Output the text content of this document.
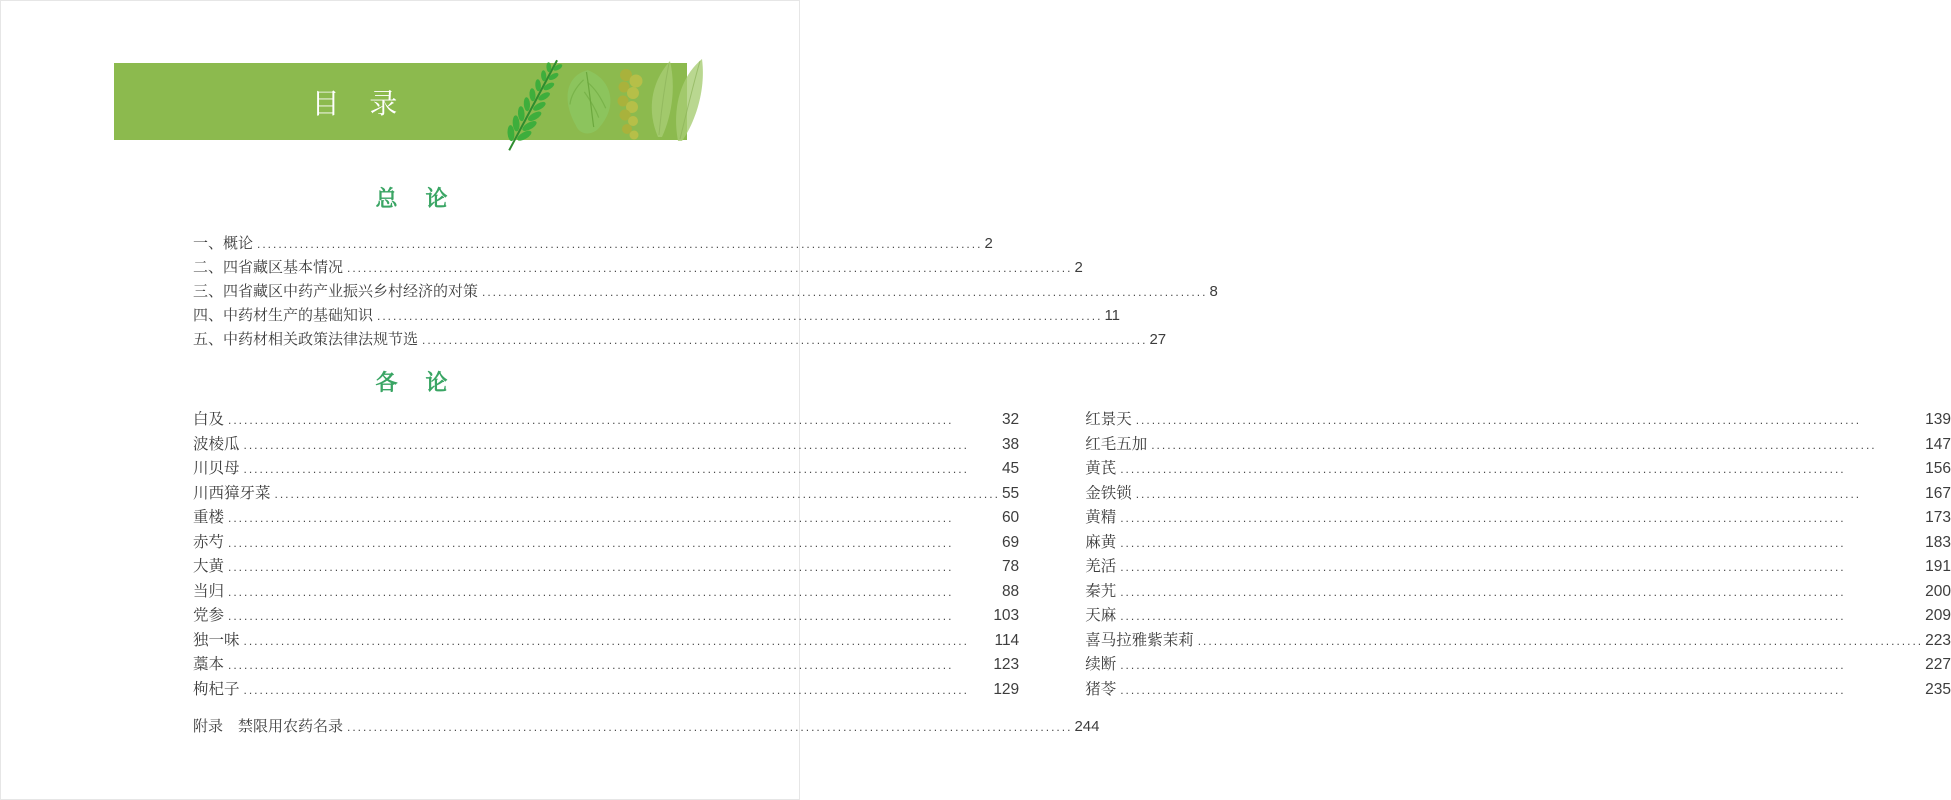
目 录
总 论
一、概论 .....	2
二、四省藏区基本情况 .....	2
三、四省藏区中药产业振兴乡村经济的对策 .....	8
四、中药材生产的基础知识 .....	11
五、中药材相关政策法律法规节选 .....	27
各 论
白及 .....	32
波棱瓜 .....	38
川贝母 .....	45
川西獐牙菜 .....	55
重楼 .....	60
赤芍 .....	69
大黄 .....	78
当归 .....	88
党参 .....	103
独一味 .....	114
藁本 .....	123
枸杞子 .....	129
红景天 .....	139
红毛五加 .....	147
黄芪 .....	156
金铁锁 .....	167
黄精 .....	173
麻黄 .....	183
羌活 .....	191
秦艽 .....	200
天麻 .....	209
喜马拉雅紫茉莉 .....	223
续断 .....	227
猪苓 .....	235
附录　禁限用农药名录 .....	244
